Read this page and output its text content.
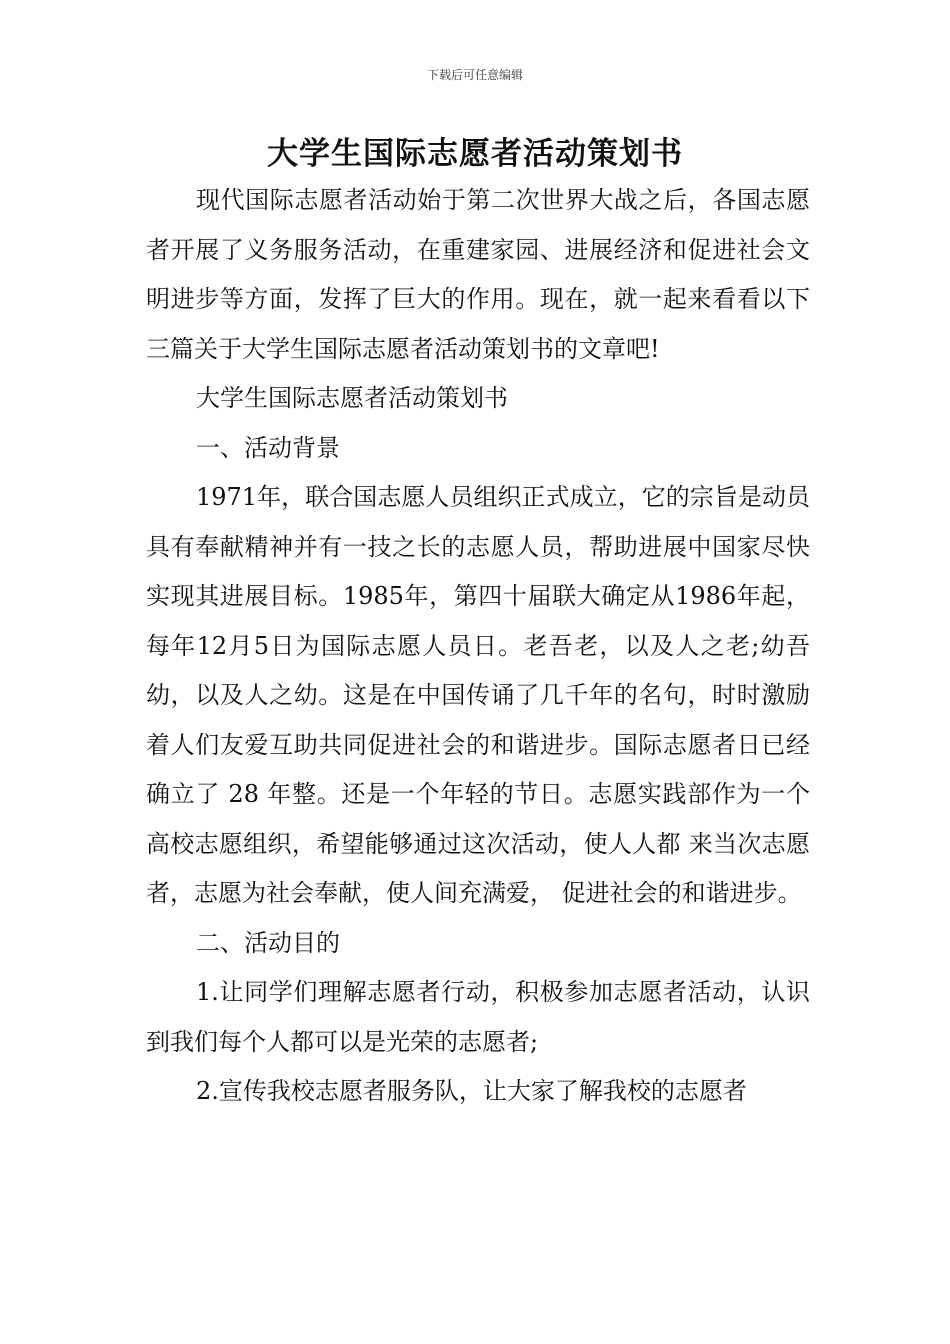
下载后可任意编辑
大学生国际志愿者活动策划书

现代国际志愿者活动始于第二次世界大战之后，各国志愿者开展了义务服务活动，在重建家园、进展经济和促进社会文明进步等方面，发挥了巨大的作用。现在，就一起来看看以下三篇关于大学生国际志愿者活动策划书的文章吧!

大学生国际志愿者活动策划书

一、活动背景

1971年，联合国志愿人员组织正式成立，它的宗旨是动员具有奉献精神并有一技之长的志愿人员，帮助进展中国家尽快实现其进展目标。1985年，第四十届联大确定从1986年起，每年12月5日为国际志愿人员日。老吾老，以及人之老;幼吾幼，以及人之幼。这是在中国传诵了几千年的名句，时时激励着人们友爱互助共同促进社会的和谐进步。国际志愿者日已经确立了 28 年整。还是一个年轻的节日。志愿实践部作为一个高校志愿组织，希望能够通过这次活动，使人人都 来当次志愿者，志愿为社会奉献，使人间充满爱， 促进社会的和谐进步。

二、活动目的

1.让同学们理解志愿者行动，积极参加志愿者活动，认识到我们每个人都可以是光荣的志愿者;

2.宣传我校志愿者服务队，让大家了解我校的志愿者
